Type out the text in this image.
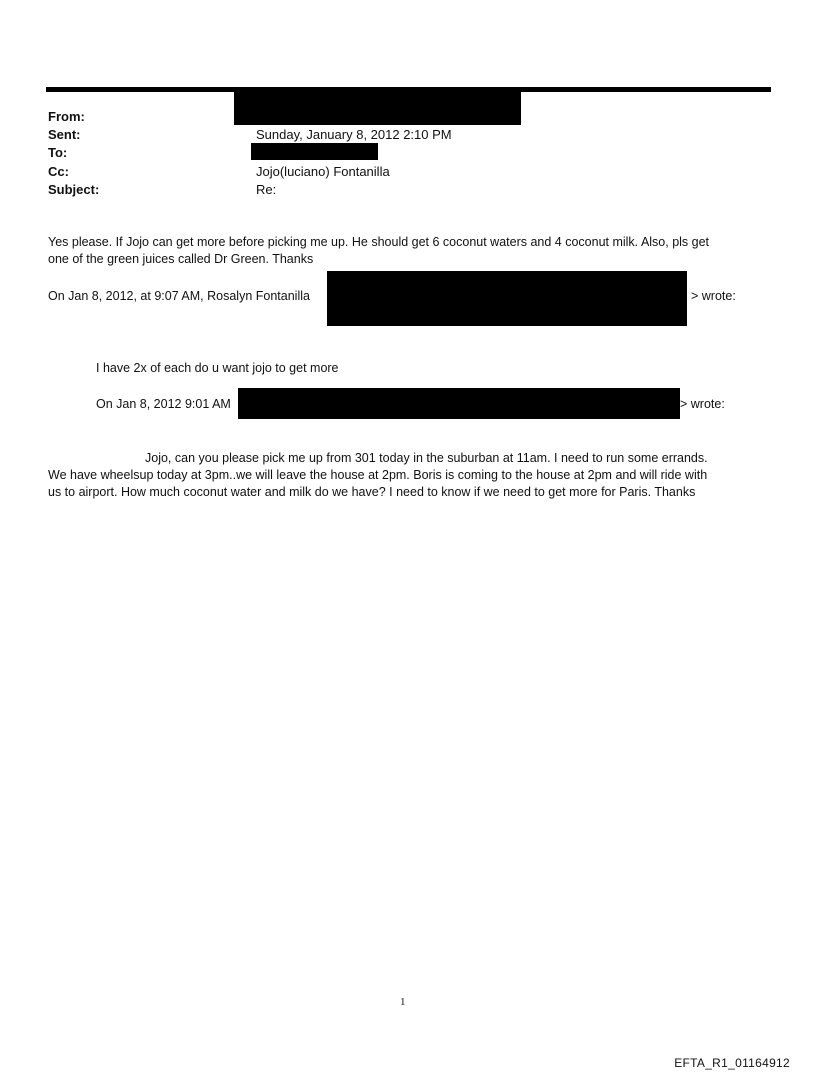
From:
Sent:	Sunday, January 8, 2012 2:10 PM
To:
Cc:	Jojo(luciano) Fontanilla
Subject:	Re:
Yes please. If Jojo can get more before picking me up. He should get 6 coconut waters and 4 coconut milk. Also, pls get
one of the green juices called Dr Green. Thanks
On Jan 8, 2012, at 9:07 AM, Rosalyn Fontanilla	> wrote:
I have 2x of each do u want jojo to get more
On Jan 8, 2012 9:01 AM	> wrote:
Jojo, can you please pick me up from 301 today in the suburban at 11am. I need to run some errands.
We have wheelsup today at 3pm..we will leave the house at 2pm. Boris is coming to the house at 2pm and will ride with
us to airport. How much coconut water and milk do we have? I need to know if we need to get more for Paris. Thanks
1
EFTA_R1_01164912
